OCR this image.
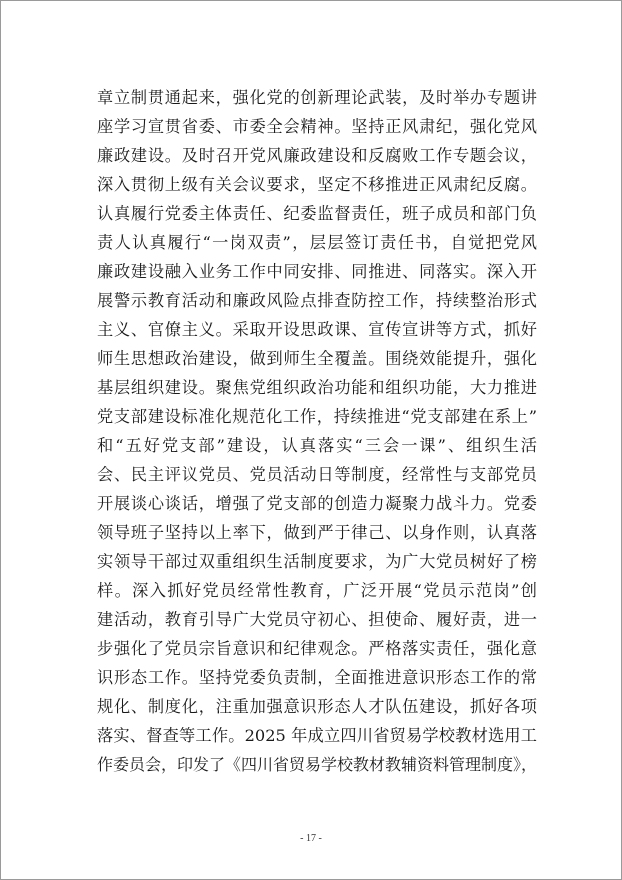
章立制贯通起来，强化党的创新理论武装，及时举办专题讲
座学习宣贯省委、市委全会精神。坚持正风肃纪，强化党风
廉政建设。及时召开党风廉政建设和反腐败工作专题会议，
深入贯彻上级有关会议要求，坚定不移推进正风肃纪反腐。
认真履行党委主体责任、纪委监督责任，班子成员和部门负
责人认真履行“一岗双责”，层层签订责任书，自觉把党风
廉政建设融入业务工作中同安排、同推进、同落实。深入开
展警示教育活动和廉政风险点排查防控工作，持续整治形式
主义、官僚主义。采取开设思政课、宣传宣讲等方式，抓好
师生思想政治建设，做到师生全覆盖。围绕效能提升，强化
基层组织建设。聚焦党组织政治功能和组织功能，大力推进
党支部建设标准化规范化工作，持续推进“党支部建在系上”
和“五好党支部”建设，认真落实“三会一课”、组织生活
会、民主评议党员、党员活动日等制度，经常性与支部党员
开展谈心谈话，增强了党支部的创造力凝聚力战斗力。党委
领导班子坚持以上率下，做到严于律己、以身作则，认真落
实领导干部过双重组织生活制度要求，为广大党员树好了榜
样。深入抓好党员经常性教育，广泛开展“党员示范岗”创
建活动，教育引导广大党员守初心、担使命、履好责，进一
步强化了党员宗旨意识和纪律观念。严格落实责任，强化意
识形态工作。坚持党委负责制，全面推进意识形态工作的常
规化、制度化，注重加强意识形态人才队伍建设，抓好各项
落实、督查等工作。2025 年成立四川省贸易学校教材选用工
作委员会，印发了《四川省贸易学校教材教辅资料管理制度》，
- 17 -
